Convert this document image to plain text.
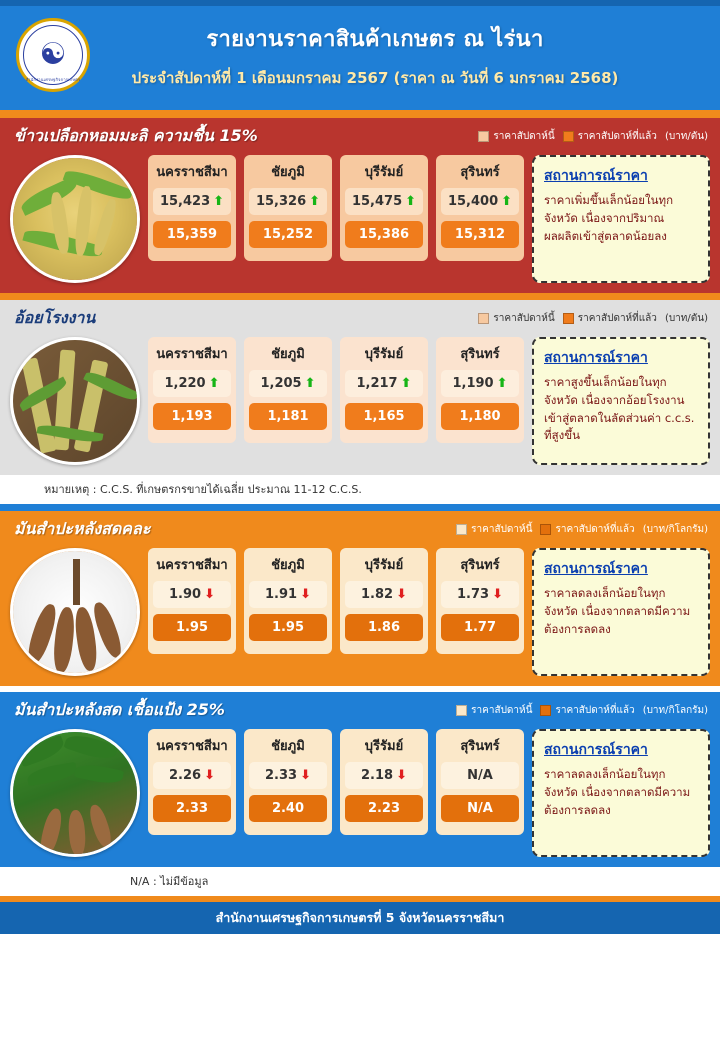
☯
สำนักงานเศรษฐกิจการเกษตร
รายงานราคาสินค้าเกษตร ณ ไร่นา
ประจำสัปดาห์ที่ 1 เดือนมกราคม 2567 (ราคา ณ วันที่ 6 มกราคม 2568)
ข้าวเปลือกหอมมะลิ ความชื้น 15%	ราคาสัปดาห์นี้ ราคาสัปดาห์ที่แล้ว (บาท/ตัน)
นครราชสีมา
15,423 ⬆
15,359
ชัยภูมิ
15,326 ⬆
15,252
บุรีรัมย์
15,475 ⬆
15,386
สุรินทร์
15,400 ⬆
15,312
สถานการณ์ราคา
ราคาเพิ่มขึ้นเล็กน้อยในทุกจังหวัด เนื่องจากปริมาณผลผลิตเข้าสู่ตลาดน้อยลง
อ้อยโรงงาน	ราคาสัปดาห์นี้ ราคาสัปดาห์ที่แล้ว (บาท/ตัน)
นครราชสีมา
1,220 ⬆
1,193
ชัยภูมิ
1,205 ⬆
1,181
บุรีรัมย์
1,217 ⬆
1,165
สุรินทร์
1,190 ⬆
1,180
สถานการณ์ราคา
ราคาสูงขึ้นเล็กน้อยในทุกจังหวัด เนื่องจากอ้อยโรงงานเข้าสู่ตลาดในลัดส่วนค่า c.c.s. ที่สูงขึ้น
หมายเหตุ : C.C.S. ที่เกษตรกรขายได้เฉลี่ย ประมาณ 11-12 C.C.S.
มันสำปะหลังสดคละ	ราคาสัปดาห์นี้ ราคาสัปดาห์ที่แล้ว (บาท/กิโลกรัม)
นครราชสีมา
1.90 ⬇
1.95
ชัยภูมิ
1.91 ⬇
1.95
บุรีรัมย์
1.82 ⬇
1.86
สุรินทร์
1.73 ⬇
1.77
สถานการณ์ราคา
ราคาลดลงเล็กน้อยในทุกจังหวัด เนื่องจากตลาดมีความต้องการลดลง
มันสำปะหลังสด เชื้อแป้ง 25%	ราคาสัปดาห์นี้ ราคาสัปดาห์ที่แล้ว (บาท/กิโลกรัม)
นครราชสีมา
2.26 ⬇
2.33
ชัยภูมิ
2.33 ⬇
2.40
บุรีรัมย์
2.18 ⬇
2.23
สุรินทร์
N/A
N/A
สถานการณ์ราคา
ราคาลดลงเล็กน้อยในทุกจังหวัด เนื่องจากตลาดมีความต้องการลดลง
N/A : ไม่มีข้อมูล
สำนักงานเศรษฐกิจการเกษตรที่ 5 จังหวัดนครราชสีมา
